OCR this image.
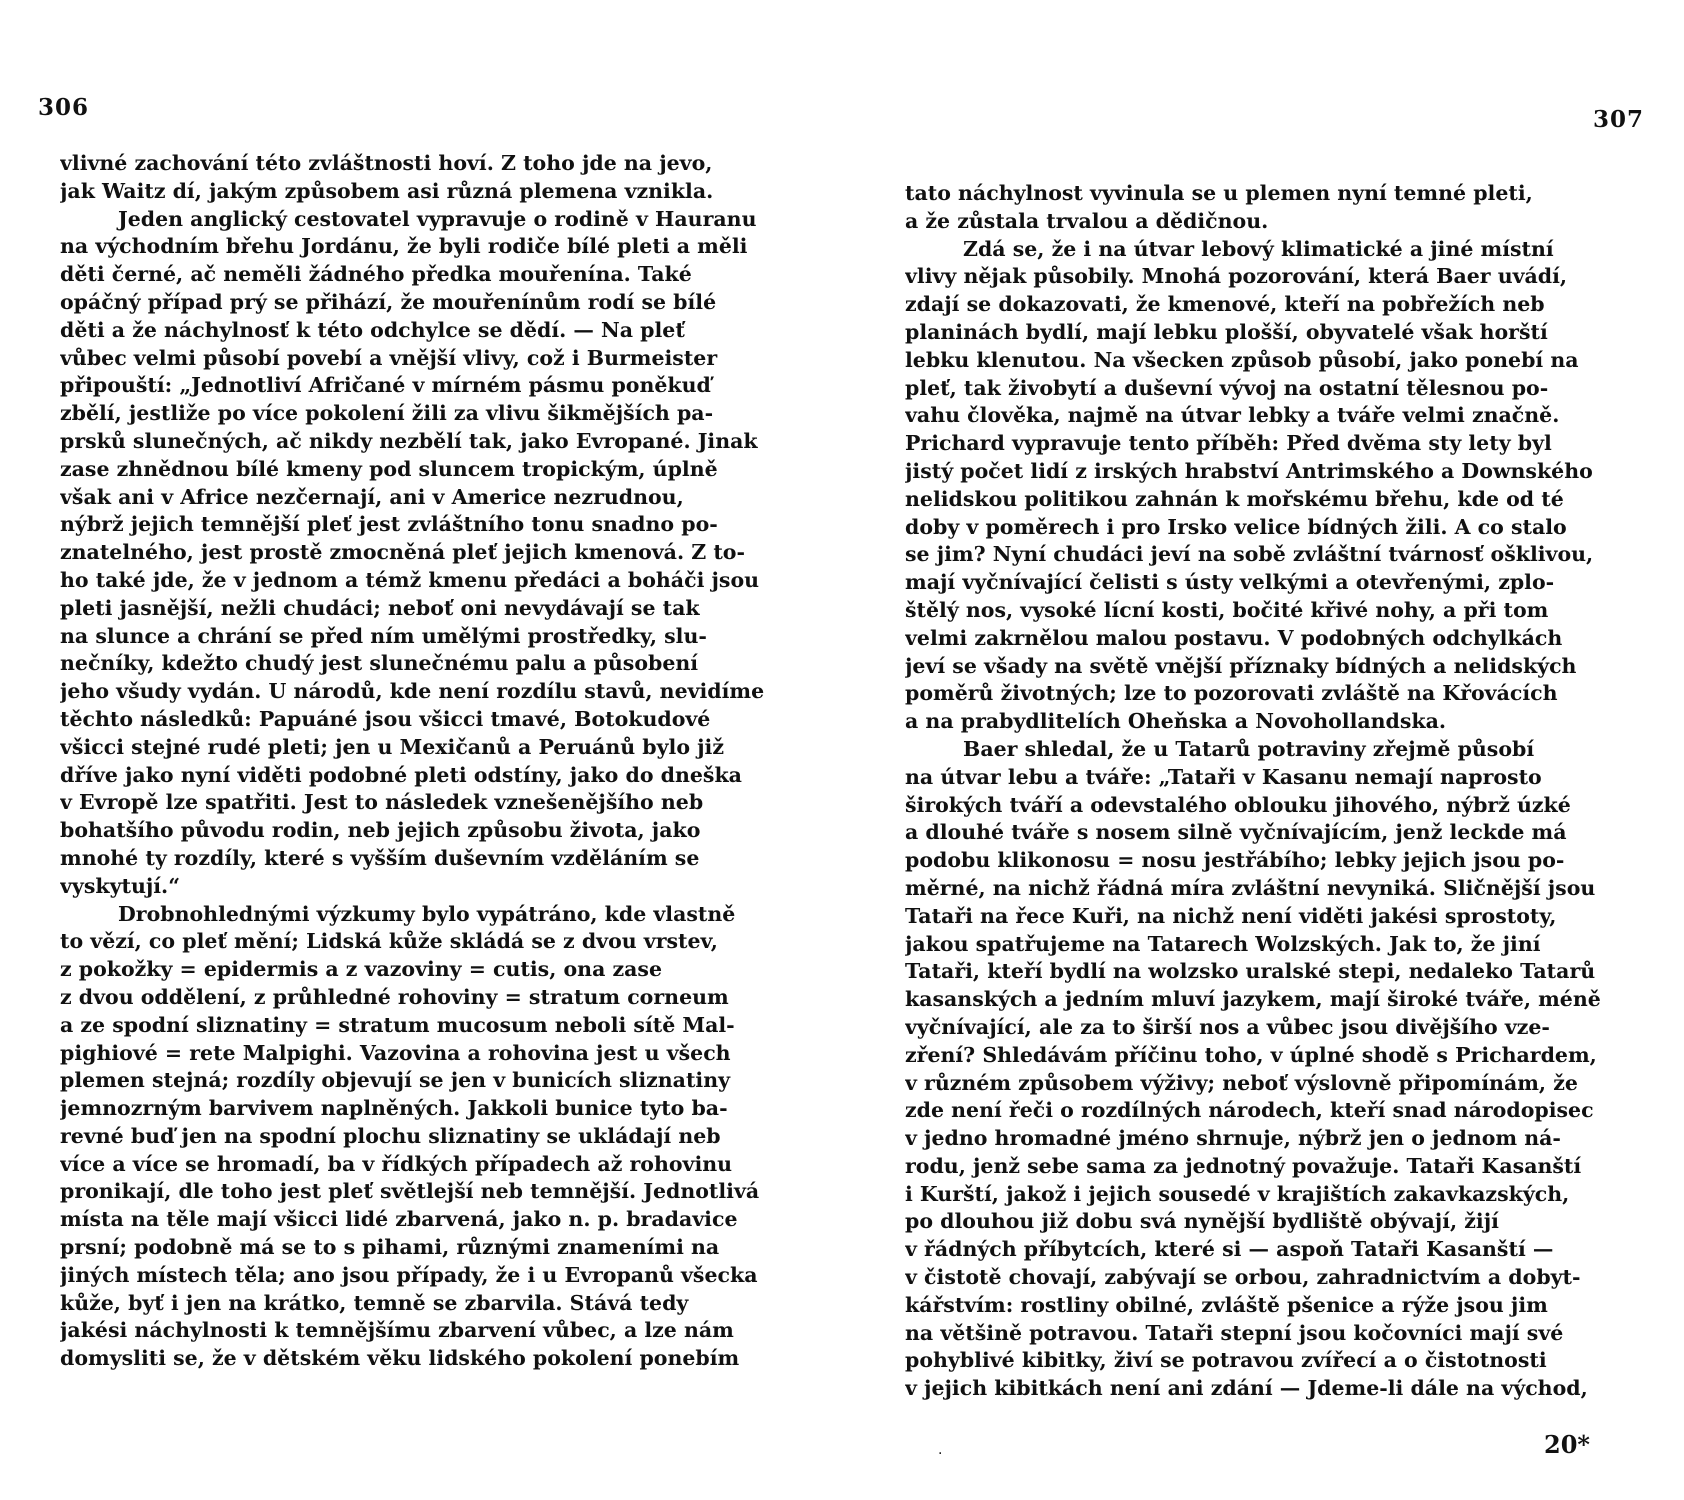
306
vlivné zachování této zvláštnosti hoví. Z toho jde na jevo,
jak Waitz dí, jakým způsobem asi různá plemena vznikla.
Jeden anglický cestovatel vypravuje o rodině v Hauranu
na východním břehu Jordánu, že byli rodiče bílé pleti a měli
děti černé, ač neměli žádného předka mouřenína. Také
opáčný případ prý se přihází, že mouřenínům rodí se bílé
děti a že náchylnosť k této odchylce se dědí. — Na pleť
vůbec velmi působí povebí a vnější vlivy, což i Burmeister
připouští: „Jednotliví Afričané v mírném pásmu poněkuď
zbělí, jestliže po více pokolení žili za vlivu šikmějších pa-
prsků slunečných, ač nikdy nezbělí tak, jako Evropané. Jinak
zase zhnědnou bílé kmeny pod sluncem tropickým, úplně
však ani v Africe nezčernají, ani v Americe nezrudnou,
nýbrž jejich temnější pleť jest zvláštního tonu snadno po-
znatelného, jest prostě zmocněná pleť jejich kmenová. Z to-
ho také jde, že v jednom a témž kmenu předáci a boháči jsou
pleti jasnější, nežli chudáci; neboť oni nevydávají se tak
na slunce a chrání se před ním umělými prostředky, slu-
nečníky, kdežto chudý jest slunečnému palu a působení
jeho všudy vydán. U národů, kde není rozdílu stavů, nevidíme
těchto následků: Papuáné jsou všicci tmavé, Botokudové
všicci stejné rudé pleti; jen u Mexičanů a Peruánů bylo již
dříve jako nyní viděti podobné pleti odstíny, jako do dneška
v Evropě lze spatřiti. Jest to následek vznešenějšího neb
bohatšího původu rodin, neb jejich způsobu života, jako
mnohé ty rozdíly, které s vyšším duševním vzděláním se
vyskytují.“
Drobnohlednými výzkumy bylo vypátráno, kde vlastně
to vězí, co pleť mění; Lidská kůže skládá se z dvou vrstev,
z pokožky = epidermis a z vazoviny = cutis, ona zase
z dvou oddělení, z průhledné rohoviny = stratum corneum
a ze spodní sliznatiny = stratum mucosum neboli sítě Mal-
pighiové = rete Malpighi. Vazovina a rohovina jest u všech
plemen stejná; rozdíly objevují se jen v bunicích sliznatiny
jemnozrným barvivem naplněných. Jakkoli bunice tyto ba-
revné buď jen na spodní plochu sliznatiny se ukládají neb
více a více se hromadí, ba v řídkých případech až rohovinu
pronikají, dle toho jest pleť světlejší neb temnější. Jednotlivá
místa na těle mají všicci lidé zbarvená, jako n. p. bradavice
prsní; podobně má se to s pihami, různými znameními na
jiných místech těla; ano jsou případy, že i u Evropanů všecka
kůže, byť i jen na krátko, temně se zbarvila. Stává tedy
jakési náchylnosti k temnějšímu zbarvení vůbec, a lze nám
domysliti se, že v dětském věku lidského pokolení ponebím
307
tato náchylnost vyvinula se u plemen nyní temné pleti,
a že zůstala trvalou a dědičnou.
Zdá se, že i na útvar lebový klimatické a jiné místní
vlivy nějak působily. Mnohá pozorování, která Baer uvádí,
zdají se dokazovati, že kmenové, kteří na pobřežích neb
planinách bydlí, mají lebku plošší, obyvatelé však horští
lebku klenutou. Na všecken způsob působí, jako ponebí na
pleť, tak živobytí a duševní vývoj na ostatní tělesnou po-
vahu člověka, najmě na útvar lebky a tváře velmi značně.
Prichard vypravuje tento příběh: Před dvěma sty lety byl
jistý počet lidí z irských hrabství Antrimského a Downského
nelidskou politikou zahnán k mořskému břehu, kde od té
doby v poměrech i pro Irsko velice bídných žili. A co stalo
se jim? Nyní chudáci jeví na sobě zvláštní tvárnosť ošklivou,
mají vyčnívající čelisti s ústy velkými a otevřenými, zplo-
štělý nos, vysoké lícní kosti, bočité křivé nohy, a při tom
velmi zakrnělou malou postavu. V podobných odchylkách
jeví se všady na světě vnější příznaky bídných a nelidských
poměrů životných; lze to pozorovati zvláště na Křovácích
a na prabydlitelích Oheňska a Novohollandska.
Baer shledal, že u Tatarů potraviny zřejmě působí
na útvar lebu a tváře: „Tataři v Kasanu nemají naprosto
širokých tváří a odevstalého oblouku jihového, nýbrž úzké
a dlouhé tváře s nosem silně vyčnívajícím, jenž leckde má
podobu klikonosu = nosu jestřábího; lebky jejich jsou po-
měrné, na nichž řádná míra zvláštní nevyniká. Sličnější jsou
Tataři na řece Kuři, na nichž není viděti jakési sprostoty,
jakou spatřujeme na Tatarech Wolzských. Jak to, že jiní
Tataři, kteří bydlí na wolzsko uralské stepi, nedaleko Tatarů
kasanských a jedním mluví jazykem, mají široké tváře, méně
vyčnívající, ale za to širší nos a vůbec jsou divějšího vze-
zření? Shledávám příčinu toho, v úplné shodě s Prichardem,
v různém způsobem výživy; neboť výslovně připomínám, že
zde není řeči o rozdílných národech, kteří snad národopisec
v jedno hromadné jméno shrnuje, nýbrž jen o jednom ná-
rodu, jenž sebe sama za jednotný považuje. Tataři Kasanští
i Kurští, jakož i jejich sousedé v krajištích zakavkazských,
po dlouhou již dobu svá nynější bydliště obývají, žijí
v řádných příbytcích, které si — aspoň Tataři Kasanští —
v čistotě chovají, zabývají se orbou, zahradnictvím a dobyt-
kářstvím: rostliny obilné, zvláště pšenice a rýže jsou jim
na většině potravou. Tataři stepní jsou kočovníci mají své
pohyblivé kibitky, živí se potravou zvířecí a o čistotnosti
v jejich kibitkách není ani zdání — Jdeme-li dále na východ,
·	20*
